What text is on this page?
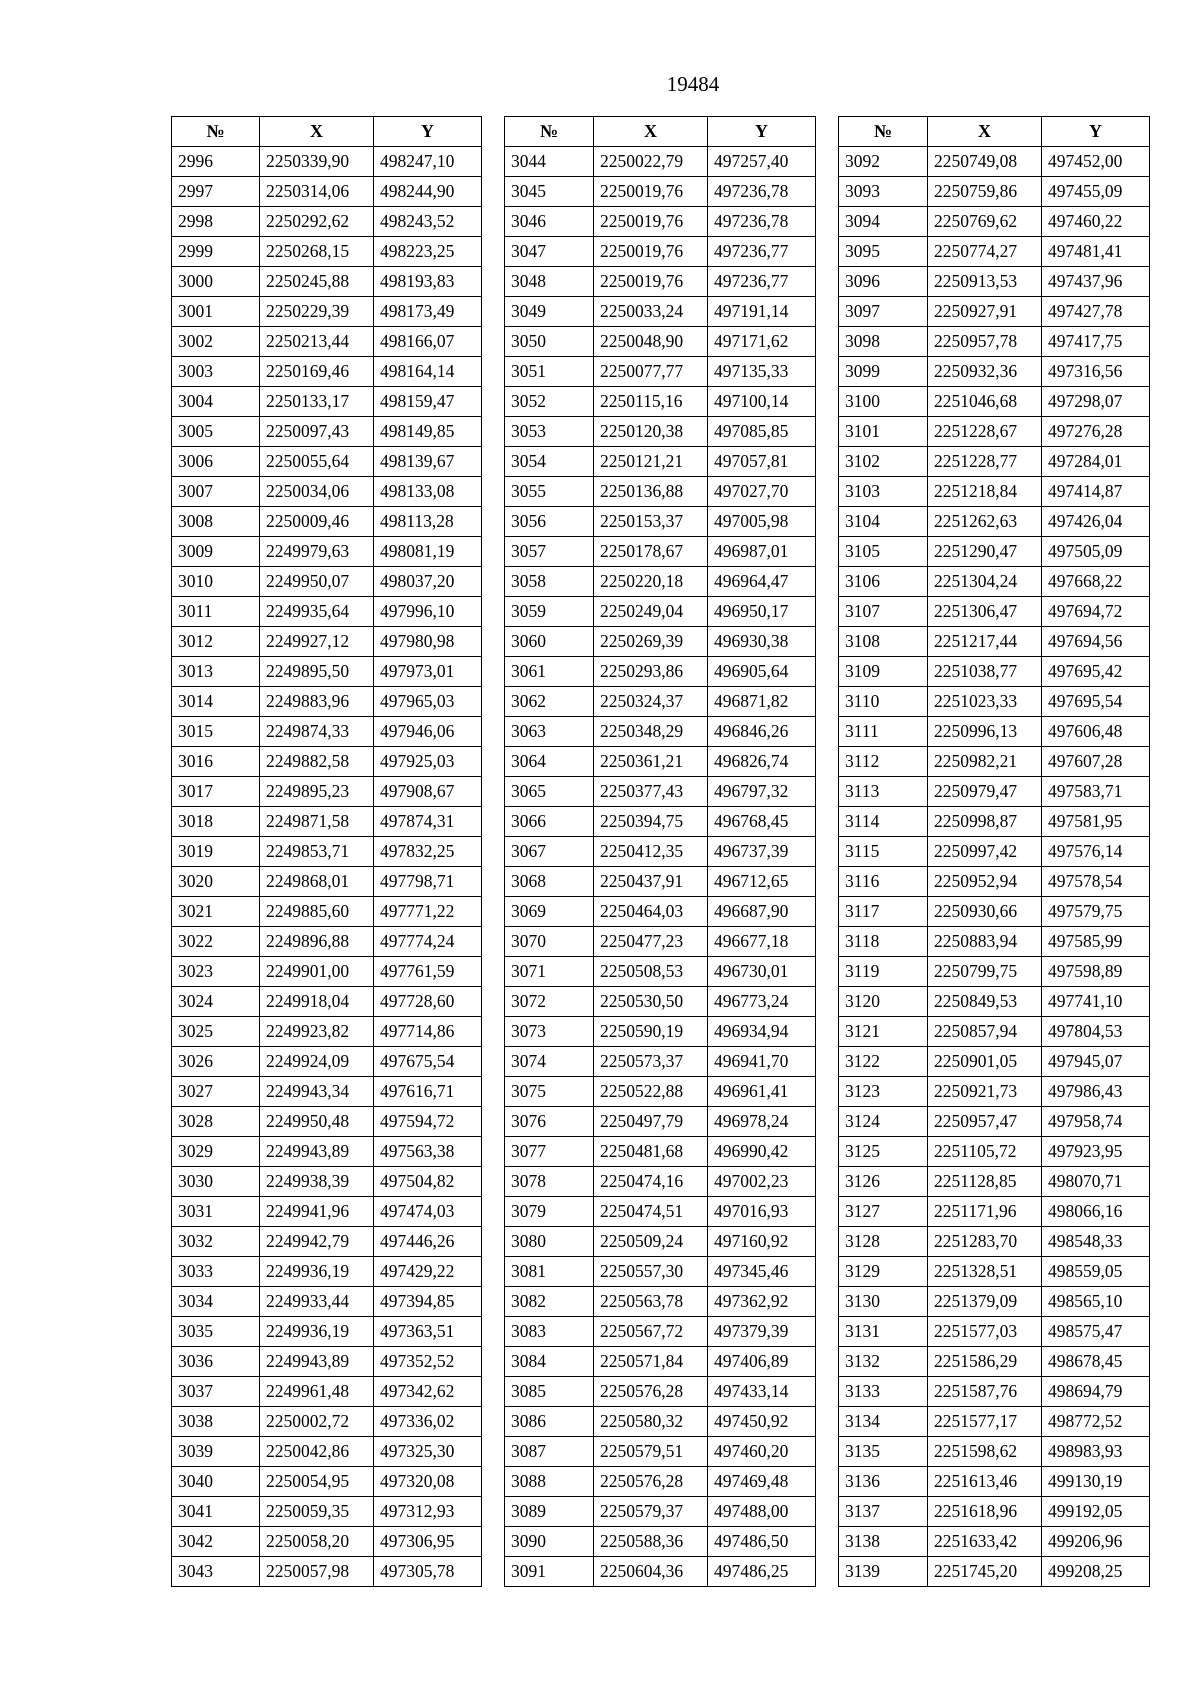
19484
№	X	Y
2996	2250339,90	498247,10
2997	2250314,06	498244,90
2998	2250292,62	498243,52
2999	2250268,15	498223,25
3000	2250245,88	498193,83
3001	2250229,39	498173,49
3002	2250213,44	498166,07
3003	2250169,46	498164,14
3004	2250133,17	498159,47
3005	2250097,43	498149,85
3006	2250055,64	498139,67
3007	2250034,06	498133,08
3008	2250009,46	498113,28
3009	2249979,63	498081,19
3010	2249950,07	498037,20
3011	2249935,64	497996,10
3012	2249927,12	497980,98
3013	2249895,50	497973,01
3014	2249883,96	497965,03
3015	2249874,33	497946,06
3016	2249882,58	497925,03
3017	2249895,23	497908,67
3018	2249871,58	497874,31
3019	2249853,71	497832,25
3020	2249868,01	497798,71
3021	2249885,60	497771,22
3022	2249896,88	497774,24
3023	2249901,00	497761,59
3024	2249918,04	497728,60
3025	2249923,82	497714,86
3026	2249924,09	497675,54
3027	2249943,34	497616,71
3028	2249950,48	497594,72
3029	2249943,89	497563,38
3030	2249938,39	497504,82
3031	2249941,96	497474,03
3032	2249942,79	497446,26
3033	2249936,19	497429,22
3034	2249933,44	497394,85
3035	2249936,19	497363,51
3036	2249943,89	497352,52
3037	2249961,48	497342,62
3038	2250002,72	497336,02
3039	2250042,86	497325,30
3040	2250054,95	497320,08
3041	2250059,35	497312,93
3042	2250058,20	497306,95
3043	2250057,98	497305,78
№	X	Y
3044	2250022,79	497257,40
3045	2250019,76	497236,78
3046	2250019,76	497236,78
3047	2250019,76	497236,77
3048	2250019,76	497236,77
3049	2250033,24	497191,14
3050	2250048,90	497171,62
3051	2250077,77	497135,33
3052	2250115,16	497100,14
3053	2250120,38	497085,85
3054	2250121,21	497057,81
3055	2250136,88	497027,70
3056	2250153,37	497005,98
3057	2250178,67	496987,01
3058	2250220,18	496964,47
3059	2250249,04	496950,17
3060	2250269,39	496930,38
3061	2250293,86	496905,64
3062	2250324,37	496871,82
3063	2250348,29	496846,26
3064	2250361,21	496826,74
3065	2250377,43	496797,32
3066	2250394,75	496768,45
3067	2250412,35	496737,39
3068	2250437,91	496712,65
3069	2250464,03	496687,90
3070	2250477,23	496677,18
3071	2250508,53	496730,01
3072	2250530,50	496773,24
3073	2250590,19	496934,94
3074	2250573,37	496941,70
3075	2250522,88	496961,41
3076	2250497,79	496978,24
3077	2250481,68	496990,42
3078	2250474,16	497002,23
3079	2250474,51	497016,93
3080	2250509,24	497160,92
3081	2250557,30	497345,46
3082	2250563,78	497362,92
3083	2250567,72	497379,39
3084	2250571,84	497406,89
3085	2250576,28	497433,14
3086	2250580,32	497450,92
3087	2250579,51	497460,20
3088	2250576,28	497469,48
3089	2250579,37	497488,00
3090	2250588,36	497486,50
3091	2250604,36	497486,25
№	X	Y
3092	2250749,08	497452,00
3093	2250759,86	497455,09
3094	2250769,62	497460,22
3095	2250774,27	497481,41
3096	2250913,53	497437,96
3097	2250927,91	497427,78
3098	2250957,78	497417,75
3099	2250932,36	497316,56
3100	2251046,68	497298,07
3101	2251228,67	497276,28
3102	2251228,77	497284,01
3103	2251218,84	497414,87
3104	2251262,63	497426,04
3105	2251290,47	497505,09
3106	2251304,24	497668,22
3107	2251306,47	497694,72
3108	2251217,44	497694,56
3109	2251038,77	497695,42
3110	2251023,33	497695,54
3111	2250996,13	497606,48
3112	2250982,21	497607,28
3113	2250979,47	497583,71
3114	2250998,87	497581,95
3115	2250997,42	497576,14
3116	2250952,94	497578,54
3117	2250930,66	497579,75
3118	2250883,94	497585,99
3119	2250799,75	497598,89
3120	2250849,53	497741,10
3121	2250857,94	497804,53
3122	2250901,05	497945,07
3123	2250921,73	497986,43
3124	2250957,47	497958,74
3125	2251105,72	497923,95
3126	2251128,85	498070,71
3127	2251171,96	498066,16
3128	2251283,70	498548,33
3129	2251328,51	498559,05
3130	2251379,09	498565,10
3131	2251577,03	498575,47
3132	2251586,29	498678,45
3133	2251587,76	498694,79
3134	2251577,17	498772,52
3135	2251598,62	498983,93
3136	2251613,46	499130,19
3137	2251618,96	499192,05
3138	2251633,42	499206,96
3139	2251745,20	499208,25
